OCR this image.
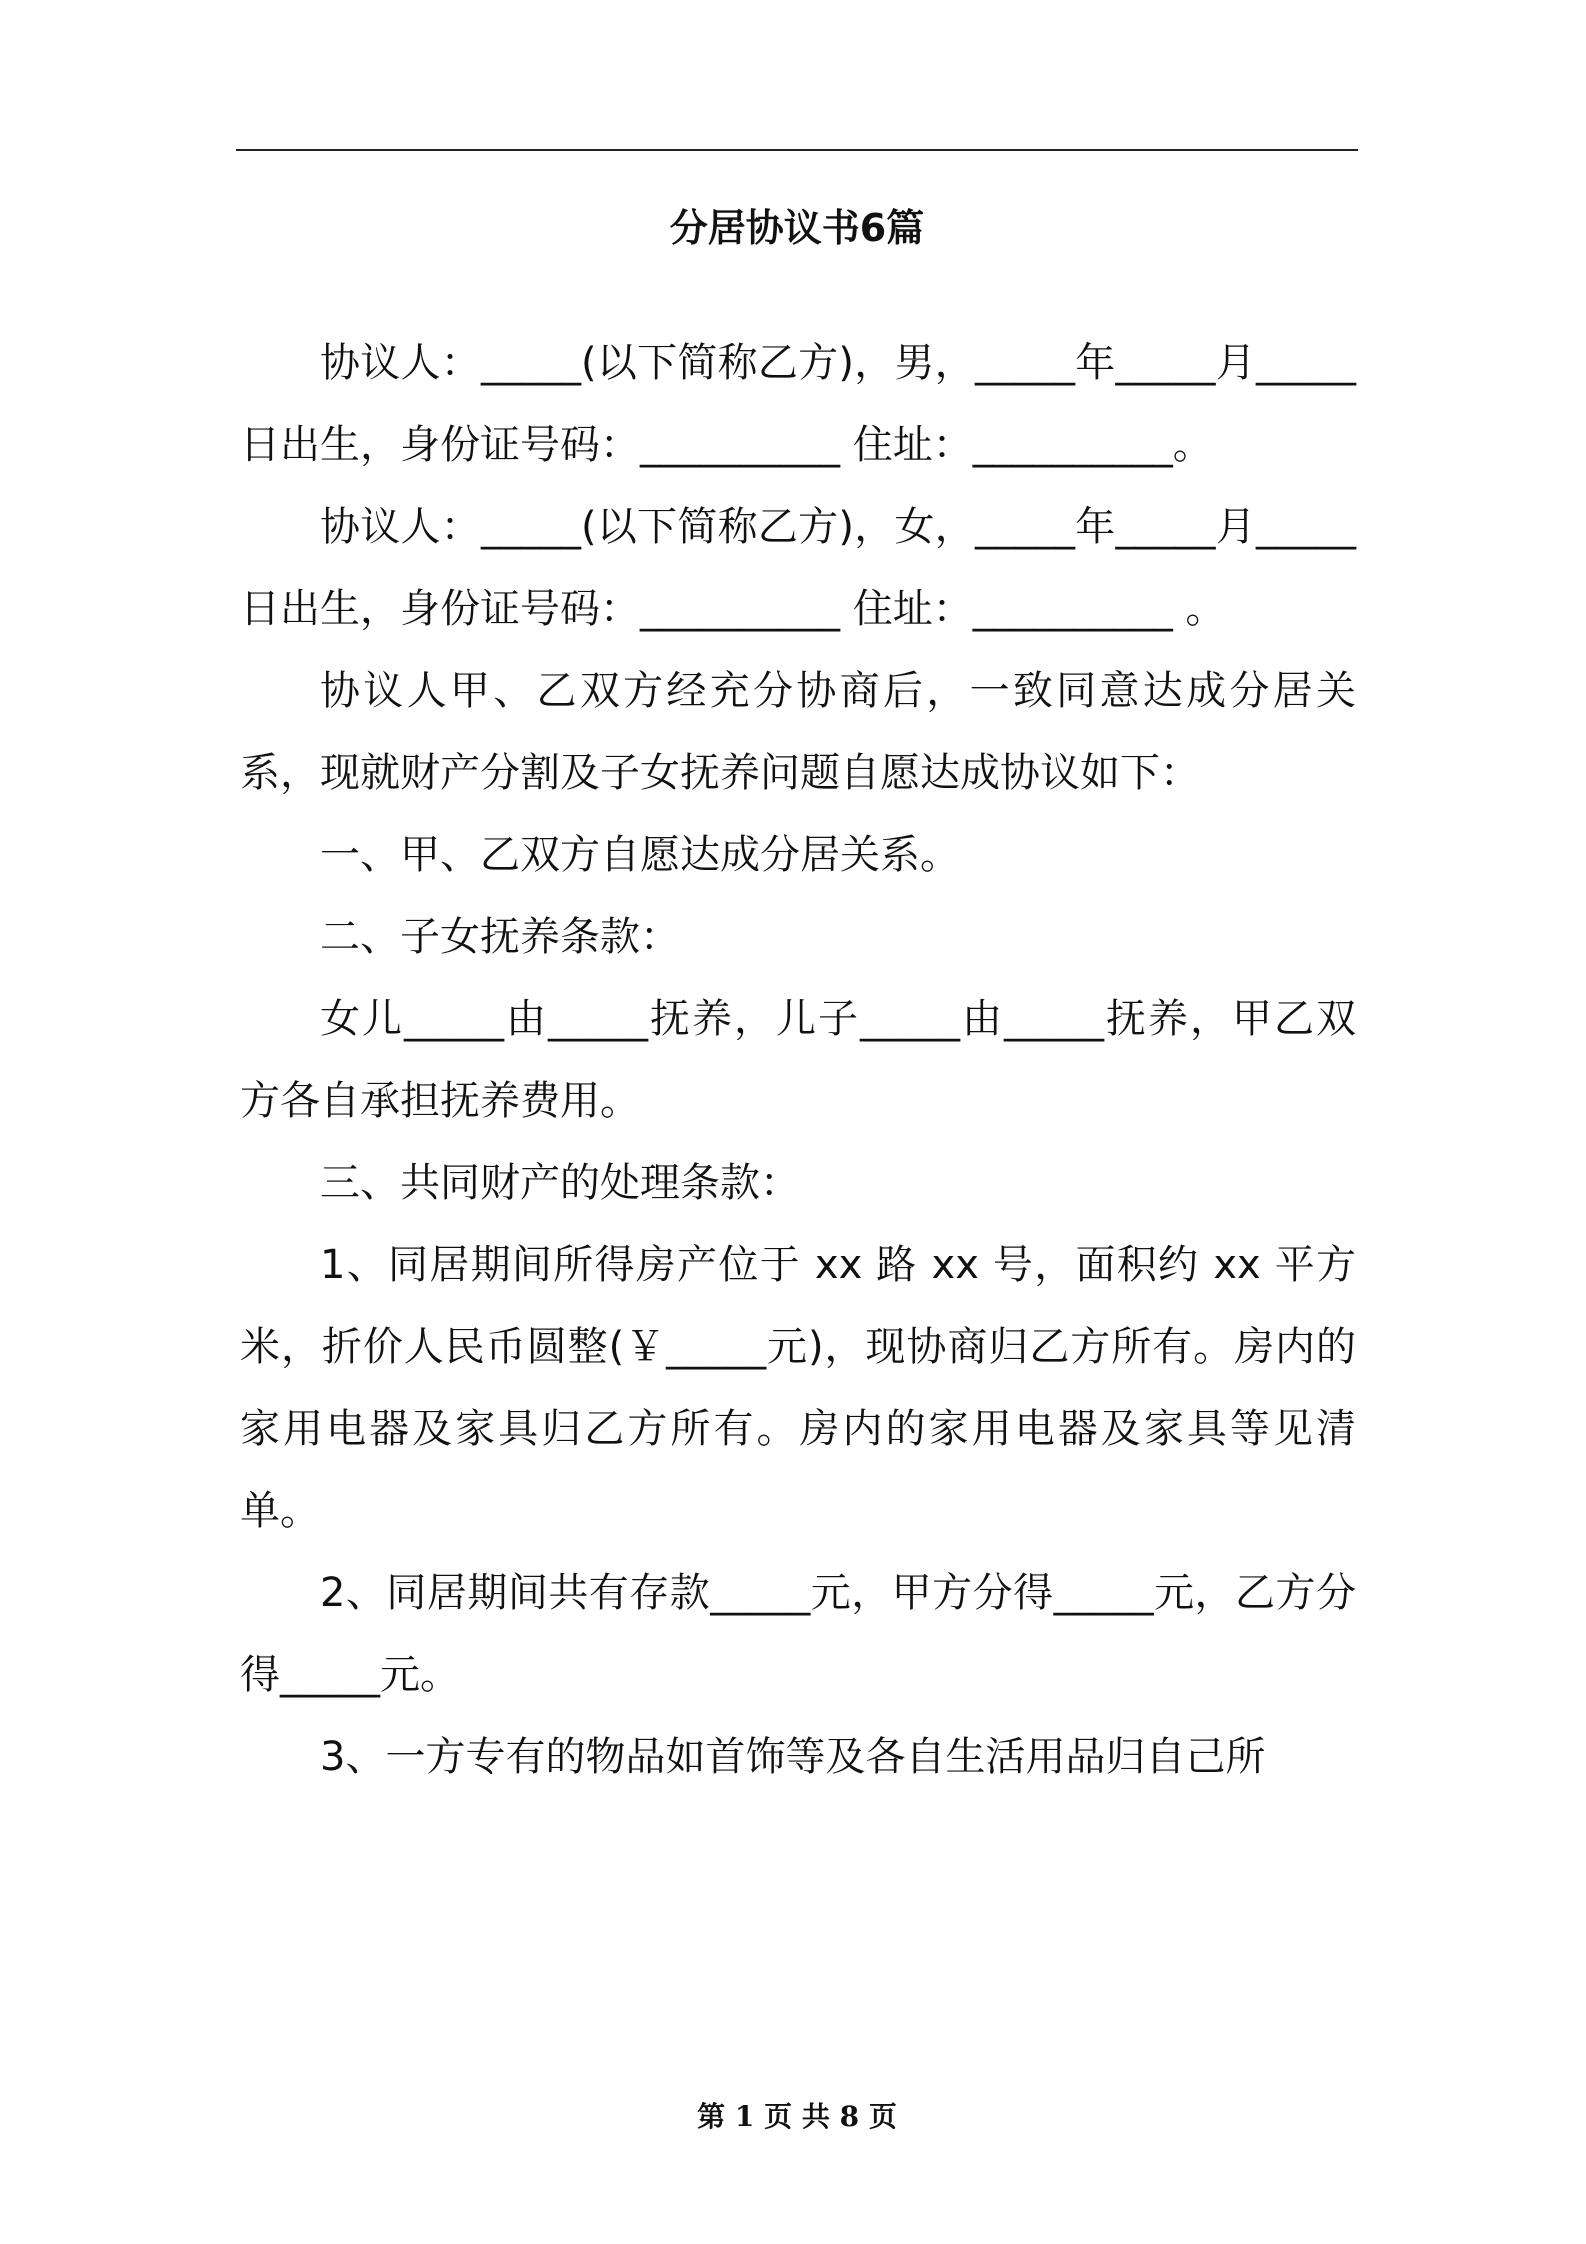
分居协议书6篇

协议人：_____(以下简称乙方)，男，_____年_____月_____日出生，身份证号码：__________ 住址：__________。

协议人：_____(以下简称乙方)，女，_____年_____月_____日出生，身份证号码：__________ 住址：__________ 。

协议人甲、乙双方经充分协商后，一致同意达成分居关系，现就财产分割及子女抚养问题自愿达成协议如下：

一、甲、乙双方自愿达成分居关系。

二、子女抚养条款：

女儿_____由_____抚养，儿子_____由_____抚养，甲乙双方各自承担抚养费用。

三、共同财产的处理条款：

1、同居期间所得房产位于 xx 路 xx 号，面积约 xx 平方米，折价人民币圆整(￥_____元)，现协商归乙方所有。房内的家用电器及家具归乙方所有。房内的家用电器及家具等见清单。

2、同居期间共有存款_____元，甲方分得_____元，乙方分得_____元。

3、一方专有的物品如首饰等及各自生活用品归自己所

第 1 页 共 8 页
